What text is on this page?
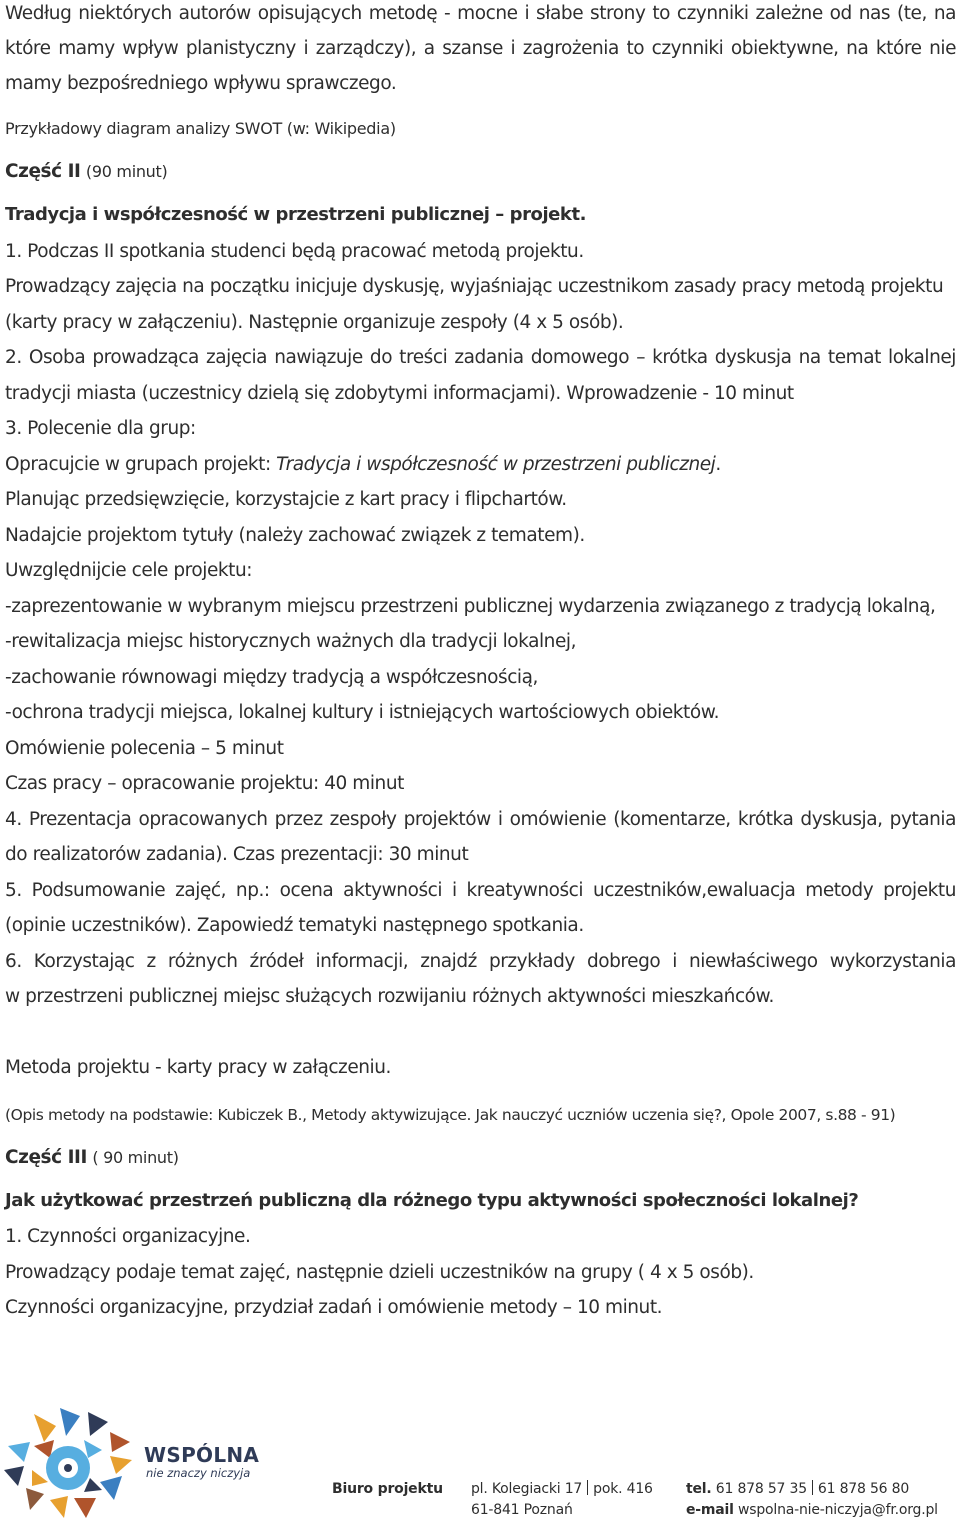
Według niektórych autorów opisujących metodę - mocne i słabe strony to czynniki zależne od nas (te, na
które mamy wpływ planistyczny i zarządczy), a szanse i zagrożenia to czynniki obiektywne, na które nie
mamy bezpośredniego wpływu sprawczego.
Przykładowy diagram analizy SWOT (w: Wikipedia)
Część II (90 minut)
Tradycja i współczesność w przestrzeni publicznej – projekt.
1. Podczas II spotkania studenci będą pracować metodą projektu.
Prowadzący zajęcia na początku inicjuje dyskusję, wyjaśniając uczestnikom zasady pracy metodą projektu
(karty pracy w załączeniu). Następnie organizuje zespoły (4 x 5 osób).
2. Osoba prowadząca zajęcia nawiązuje do treści zadania domowego – krótka dyskusja na temat lokalnej
tradycji miasta (uczestnicy dzielą się zdobytymi informacjami). Wprowadzenie - 10 minut
3. Polecenie dla grup:
Opracujcie w grupach projekt: Tradycja i współczesność w przestrzeni publicznej.
Planując przedsięwzięcie, korzystajcie z kart pracy i flipchartów.
Nadajcie projektom tytuły (należy zachować związek z tematem).
Uwzględnijcie cele projektu:
-zaprezentowanie w wybranym miejscu przestrzeni publicznej wydarzenia związanego z tradycją lokalną,
-rewitalizacja miejsc historycznych ważnych dla tradycji lokalnej,
-zachowanie równowagi między tradycją a współczesnością,
-ochrona tradycji miejsca, lokalnej kultury i istniejących wartościowych obiektów.
Omówienie polecenia – 5 minut
Czas pracy – opracowanie projektu: 40 minut
4. Prezentacja opracowanych przez zespoły projektów i omówienie (komentarze, krótka dyskusja, pytania
do realizatorów zadania). Czas prezentacji: 30 minut
5. Podsumowanie zajęć, np.: ocena aktywności i kreatywności uczestników,ewaluacja metody projektu
(opinie uczestników). Zapowiedź tematyki następnego spotkania.
6. Korzystając z różnych źródeł informacji, znajdź przykłady dobrego i niewłaściwego wykorzystania
w przestrzeni publicznej miejsc służących rozwijaniu różnych aktywności mieszkańców.
Metoda projektu - karty pracy w załączeniu.
(Opis metody na podstawie: Kubiczek B., Metody aktywizujące. Jak nauczyć uczniów uczenia się?, Opole 2007, s.88 - 91)
Część III ( 90 minut)
Jak użytkować przestrzeń publiczną dla różnego typu aktywności społeczności lokalnej?
1. Czynności organizacyjne.
Prowadzący podaje temat zajęć, następnie dzieli uczestników na grupy ( 4 x 5 osób).
Czynności organizacyjne, przydział zadań i omówienie metody – 10 minut.
WSPÓLNA
nie znaczy niczyja
Biuro projektu pl. Kolegiacki 17 pok. 416
61-841 Poznań
tel. 61 878 57 35 61 878 56 80
e-mail wspolna-nie-niczyja@fr.org.pl
